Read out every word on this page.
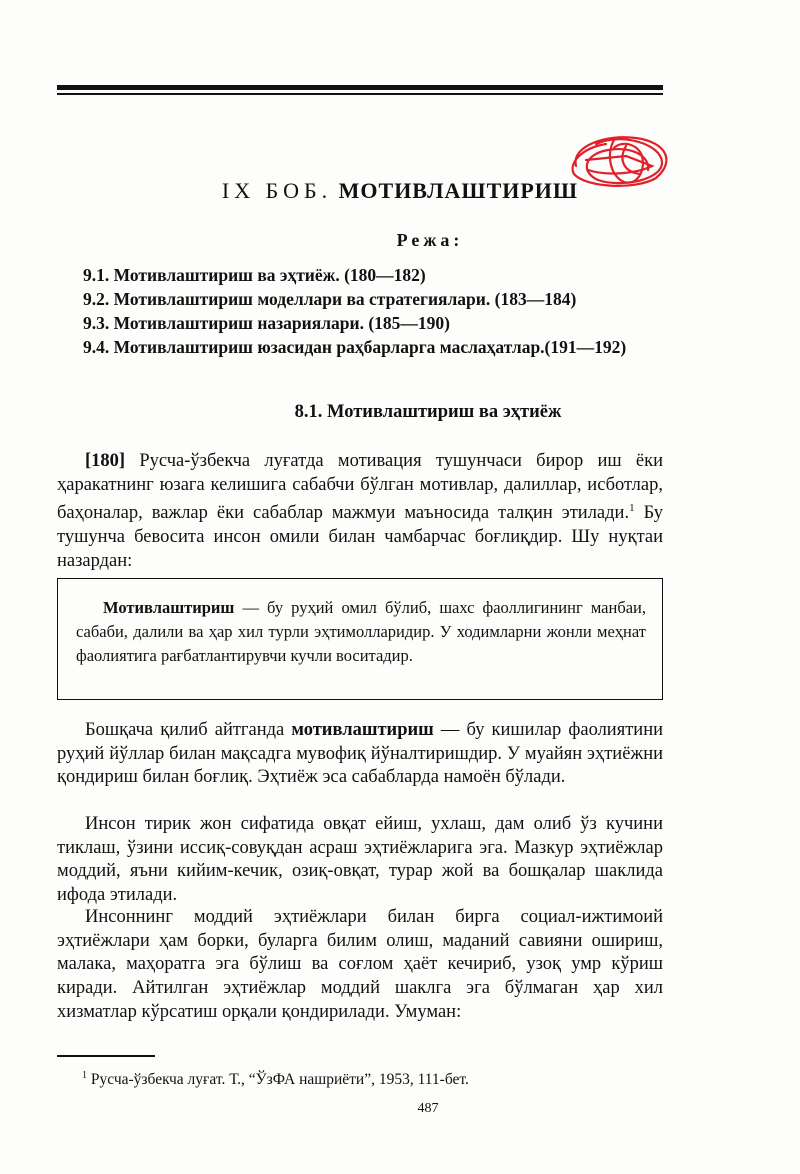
IX БОБ. МОТИВЛАШТИРИШ
Режа:
9.1. Мотивлаштириш ва эҳтиёж. (180—182)
9.2. Мотивлаштириш моделлари ва стратегиялари. (183—184)
9.3. Мотивлаштириш назариялари. (185—190)
9.4. Мотивлаштириш юзасидан раҳбарларга маслаҳатлар.(191—192)
8.1. Мотивлаштириш ва эҳтиёж
[180] Русча-ўзбекча луғатда мотивация тушунчаси бирор иш ёки ҳаракатнинг юзага келишига сабабчи бўлган мотивлар, далиллар, исботлар, баҳоналар, важлар ёки сабаблар мажмуи маъносида талқин этилади.$^1$ Бу тушунча бевосита инсон омили билан чамбарчас боғлиқдир. Шу нуқтаи назардан:
Мотивлаштириш — бу руҳий омил бўлиб, шахс фаоллигининг манбаи, сабаби, далили ва ҳар хил турли эҳтимолларидир. У ходимларни жонли меҳнат фаолиятига рағбатлантирувчи кучли воситадир.
Бошқача қилиб айтганда мотивлаштириш — бу кишилар фаолиятини руҳий йўллар билан мақсадга мувофиқ йўналтиришдир. У муайян эҳтиёжни қондириш билан боғлиқ. Эҳтиёж эса сабабларда намоён бўлади.
Инсон тирик жон сифатида овқат ейиш, ухлаш, дам олиб ўз кучини тиклаш, ўзини иссиқ-совуқдан асраш эҳтиёжларига эга. Мазкур эҳтиёжлар моддий, яъни кийим-кечик, озиқ-овқат, турар жой ва бошқалар шаклида ифода этилади.
Инсоннинг моддий эҳтиёжлари билан бирга социал-ижтимоий эҳтиёжлари ҳам борки, буларга билим олиш, маданий савияни ошириш, малака, маҳоратга эга бўлиш ва соғлом ҳаёт кечириб, узоқ умр кўриш киради. Айтилган эҳтиёжлар моддий шаклга эга бўлмаган ҳар хил хизматлар кўрсатиш орқали қондирилади. Умуман:
$^1$ Русча-ўзбекча луғат. Т., “ЎзФА нашриёти”, 1953, 111-бет.
487
